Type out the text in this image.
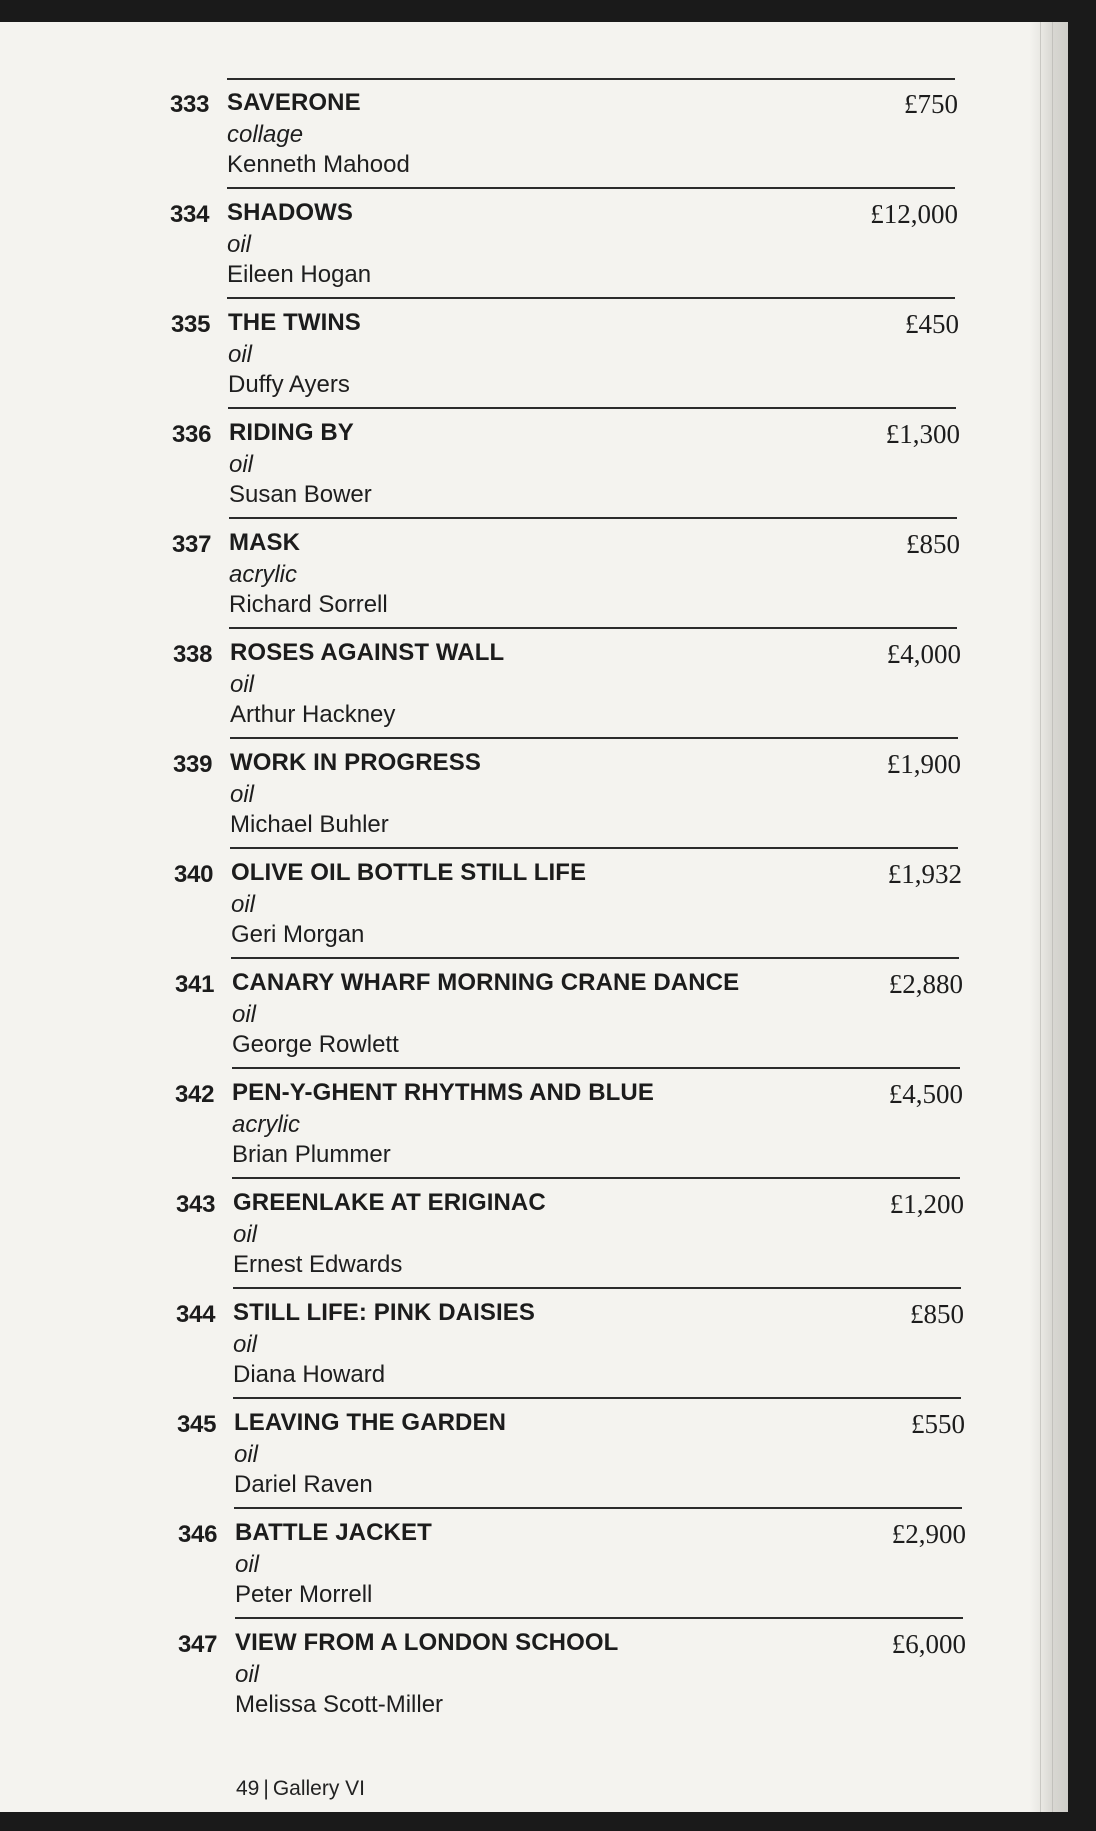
333 SAVERONE
collage
Kenneth Mahood
£750
334 SHADOWS
oil
Eileen Hogan
£12,000
335 THE TWINS
oil
Duffy Ayers
£450
336 RIDING BY
oil
Susan Bower
£1,300
337 MASK
acrylic
Richard Sorrell
£850
338 ROSES AGAINST WALL
oil
Arthur Hackney
£4,000
339 WORK IN PROGRESS
oil
Michael Buhler
£1,900
340 OLIVE OIL BOTTLE STILL LIFE
oil
Geri Morgan
£1,932
341 CANARY WHARF MORNING CRANE DANCE
oil
George Rowlett
£2,880
342 PEN-Y-GHENT RHYTHMS AND BLUE
acrylic
Brian Plummer
£4,500
343 GREENLAKE AT ERIGINAC
oil
Ernest Edwards
£1,200
344 STILL LIFE: PINK DAISIES
oil
Diana Howard
£850
345 LEAVING THE GARDEN
oil
Dariel Raven
£550
346 BATTLE JACKET
oil
Peter Morrell
£2,900
347 VIEW FROM A LONDON SCHOOL
oil
Melissa Scott-Miller
£6,000
49 | Gallery VI
